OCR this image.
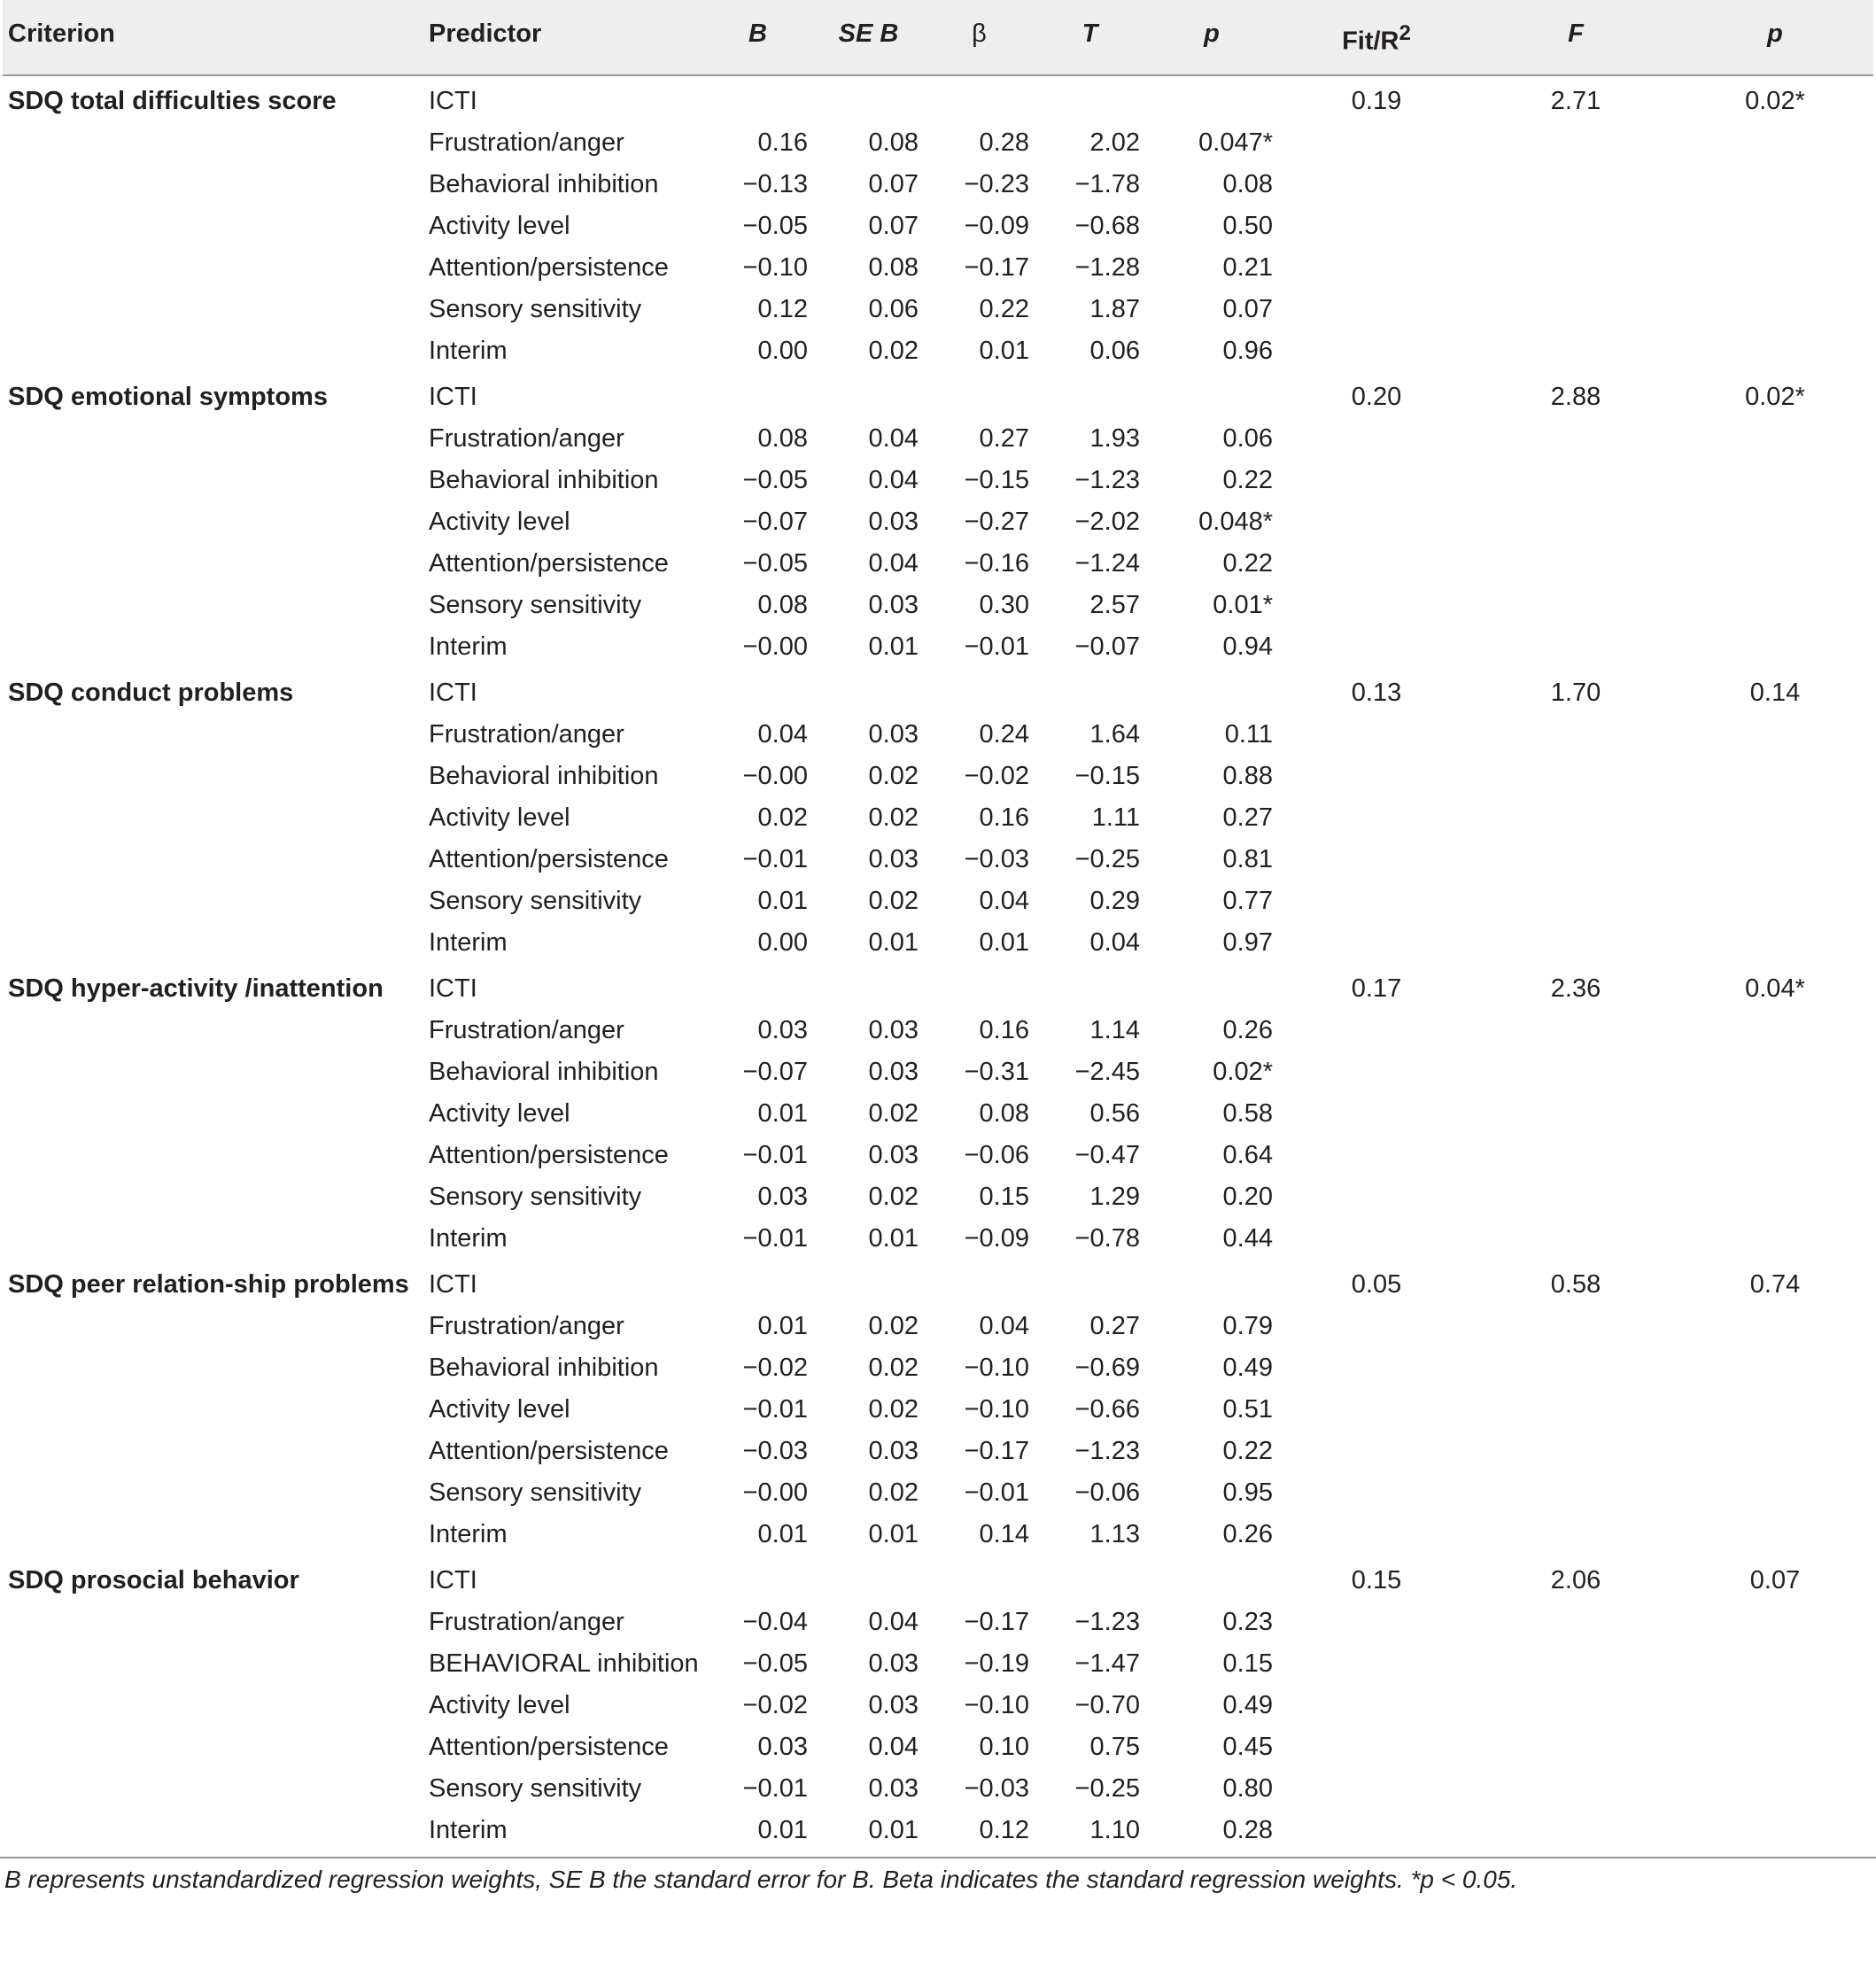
Criterion	Predictor	B	SE B	β	T	p	Fit/$R^2$	F	p
SDQ total difficulties score	ICTI						0.19	2.71	0.02*
	Frustration/anger	0.16	0.08	0.28	2.02	0.047*			
	Behavioral inhibition	−0.13	0.07	−0.23	−1.78	0.08			
	Activity level	−0.05	0.07	−0.09	−0.68	0.50			
	Attention/persistence	−0.10	0.08	−0.17	−1.28	0.21			
	Sensory sensitivity	0.12	0.06	0.22	1.87	0.07			
	Interim	0.00	0.02	0.01	0.06	0.96			
SDQ emotional symptoms	ICTI						0.20	2.88	0.02*
	Frustration/anger	0.08	0.04	0.27	1.93	0.06			
	Behavioral inhibition	−0.05	0.04	−0.15	−1.23	0.22			
	Activity level	−0.07	0.03	−0.27	−2.02	0.048*			
	Attention/persistence	−0.05	0.04	−0.16	−1.24	0.22			
	Sensory sensitivity	0.08	0.03	0.30	2.57	0.01*			
	Interim	−0.00	0.01	−0.01	−0.07	0.94			
SDQ conduct problems	ICTI						0.13	1.70	0.14
	Frustration/anger	0.04	0.03	0.24	1.64	0.11			
	Behavioral inhibition	−0.00	0.02	−0.02	−0.15	0.88			
	Activity level	0.02	0.02	0.16	1.11	0.27			
	Attention/persistence	−0.01	0.03	−0.03	−0.25	0.81			
	Sensory sensitivity	0.01	0.02	0.04	0.29	0.77			
	Interim	0.00	0.01	0.01	0.04	0.97			
SDQ hyper-activity /inattention	ICTI						0.17	2.36	0.04*
	Frustration/anger	0.03	0.03	0.16	1.14	0.26			
	Behavioral inhibition	−0.07	0.03	−0.31	−2.45	0.02*			
	Activity level	0.01	0.02	0.08	0.56	0.58			
	Attention/persistence	−0.01	0.03	−0.06	−0.47	0.64			
	Sensory sensitivity	0.03	0.02	0.15	1.29	0.20			
	Interim	−0.01	0.01	−0.09	−0.78	0.44			
SDQ peer relation-ship problems	ICTI						0.05	0.58	0.74
	Frustration/anger	0.01	0.02	0.04	0.27	0.79			
	Behavioral inhibition	−0.02	0.02	−0.10	−0.69	0.49			
	Activity level	−0.01	0.02	−0.10	−0.66	0.51			
	Attention/persistence	−0.03	0.03	−0.17	−1.23	0.22			
	Sensory sensitivity	−0.00	0.02	−0.01	−0.06	0.95			
	Interim	0.01	0.01	0.14	1.13	0.26			
SDQ prosocial behavior	ICTI						0.15	2.06	0.07
	Frustration/anger	−0.04	0.04	−0.17	−1.23	0.23			
	BEHAVIORAL inhibition	−0.05	0.03	−0.19	−1.47	0.15			
	Activity level	−0.02	0.03	−0.10	−0.70	0.49			
	Attention/persistence	0.03	0.04	0.10	0.75	0.45			
	Sensory sensitivity	−0.01	0.03	−0.03	−0.25	0.80			
	Interim	0.01	0.01	0.12	1.10	0.28			
B represents unstandardized regression weights, SE B the standard error for B. Beta indicates the standard regression weights. *p < 0.05.
